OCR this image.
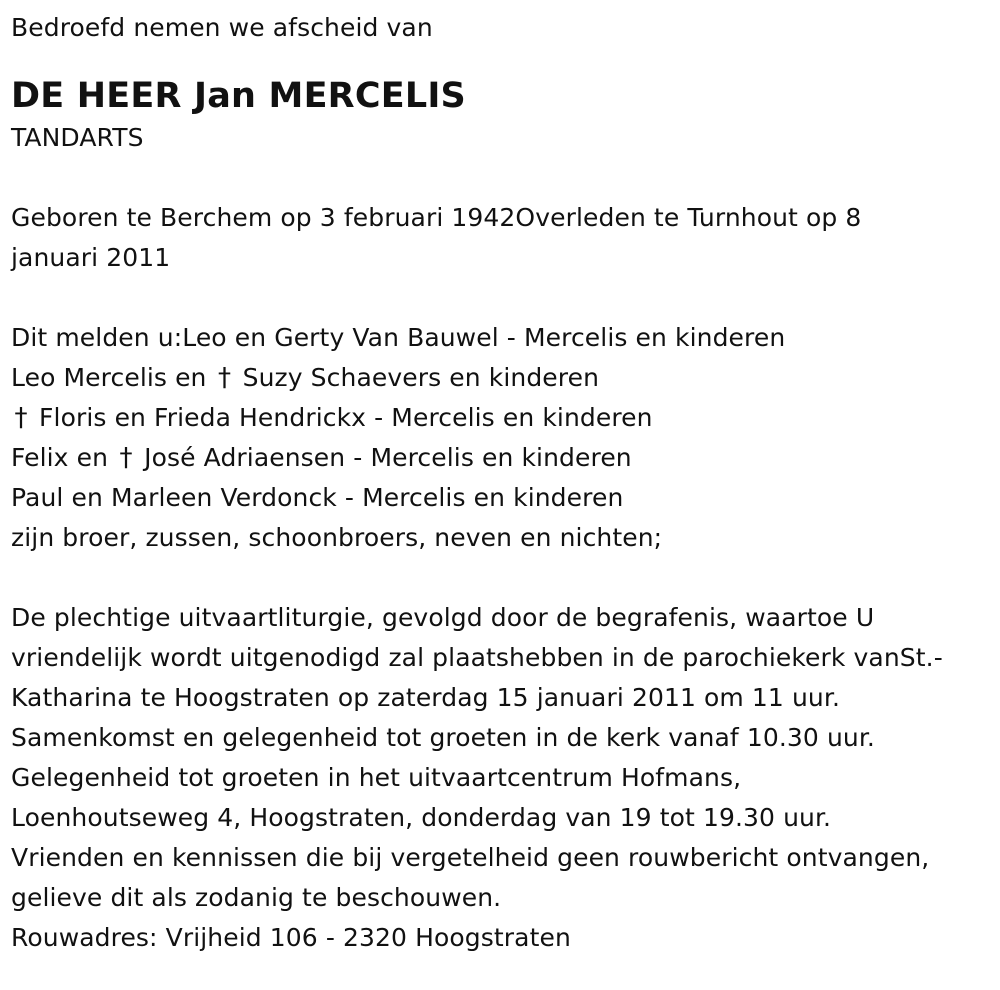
Bedroefd nemen we afscheid van
DE HEER Jan MERCELIS
TANDARTS
Geboren te Berchem op 3 februari 1942Overleden te Turnhout op 8
januari 2011
Dit melden u:Leo en Gerty Van Bauwel - Mercelis en kinderen
Leo Mercelis en † Suzy Schaevers en kinderen
† Floris en Frieda Hendrickx - Mercelis en kinderen
Felix en † José Adriaensen - Mercelis en kinderen
Paul en Marleen Verdonck - Mercelis en kinderen
zijn broer, zussen, schoonbroers, neven en nichten;
De plechtige uitvaartliturgie, gevolgd door de begrafenis, waartoe U
vriendelijk wordt uitgenodigd zal plaatshebben in de parochiekerk vanSt.-
Katharina te Hoogstraten op zaterdag 15 januari 2011 om 11 uur.
Samenkomst en gelegenheid tot groeten in de kerk vanaf 10.30 uur.
Gelegenheid tot groeten in het uitvaartcentrum Hofmans,
Loenhoutseweg 4, Hoogstraten, donderdag van 19 tot 19.30 uur.
Vrienden en kennissen die bij vergetelheid geen rouwbericht ontvangen,
gelieve dit als zodanig te beschouwen.
Rouwadres: Vrijheid 106 - 2320 Hoogstraten
